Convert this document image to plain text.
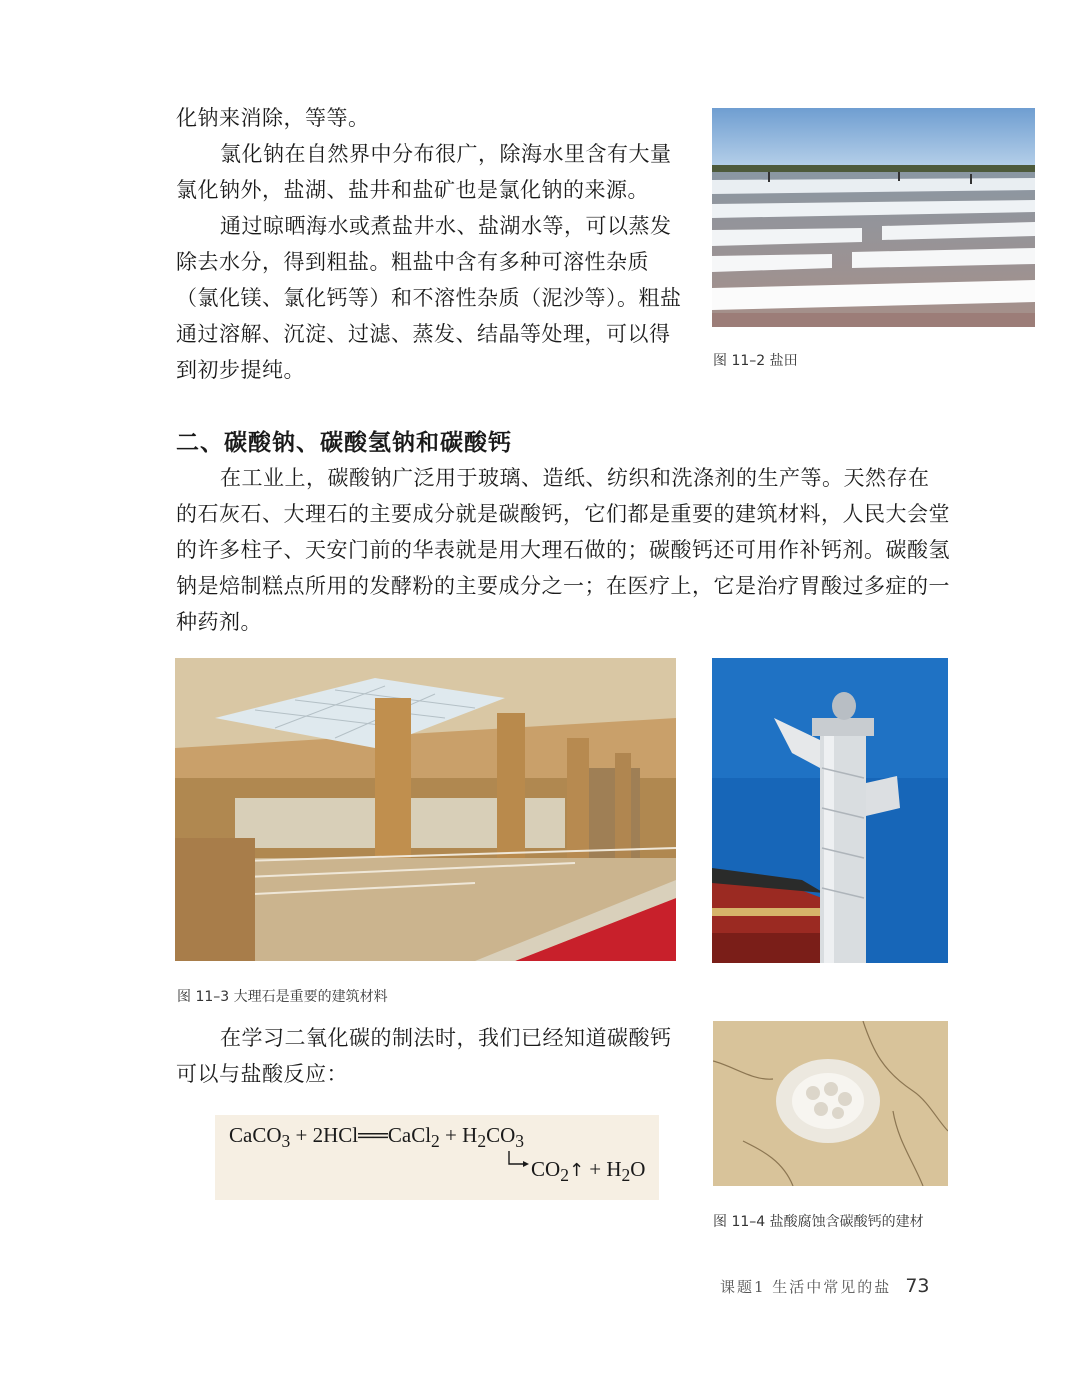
化钠来消除，等等。

氯化钠在自然界中分布很广，除海水里含有大量氯化钠外，盐湖、盐井和盐矿也是氯化钠的来源。

通过晾晒海水或煮盐井水、盐湖水等，可以蒸发除去水分，得到粗盐。粗盐中含有多种可溶性杂质（氯化镁、氯化钙等）和不溶性杂质（泥沙等）。粗盐通过溶解、沉淀、过滤、蒸发、结晶等处理，可以得到初步提纯。	图 11–2 盐田
二、碳酸钠、碳酸氢钠和碳酸钙

在工业上，碳酸钠广泛用于玻璃、造纸、纺织和洗涤剂的生产等。天然存在的石灰石、大理石的主要成分就是碳酸钙，它们都是重要的建筑材料，人民大会堂的许多柱子、天安门前的华表就是用大理石做的；碳酸钙还可用作补钙剂。碳酸氢钠是焙制糕点所用的发酵粉的主要成分之一；在医疗上，它是治疗胃酸过多症的一种药剂。

图 11–3 大理石是重要的建筑材料

在学习二氧化碳的制法时，我们已经知道碳酸钙可以与盐酸反应：

CaCO$_3$ + 2HCl══CaCl$_2$ + $H_2CO_3$
$CO_2↑ + H_2O$
图 11–4 盐酸腐蚀含碳酸钙的建材
课题1 生活中常见的盐 73
